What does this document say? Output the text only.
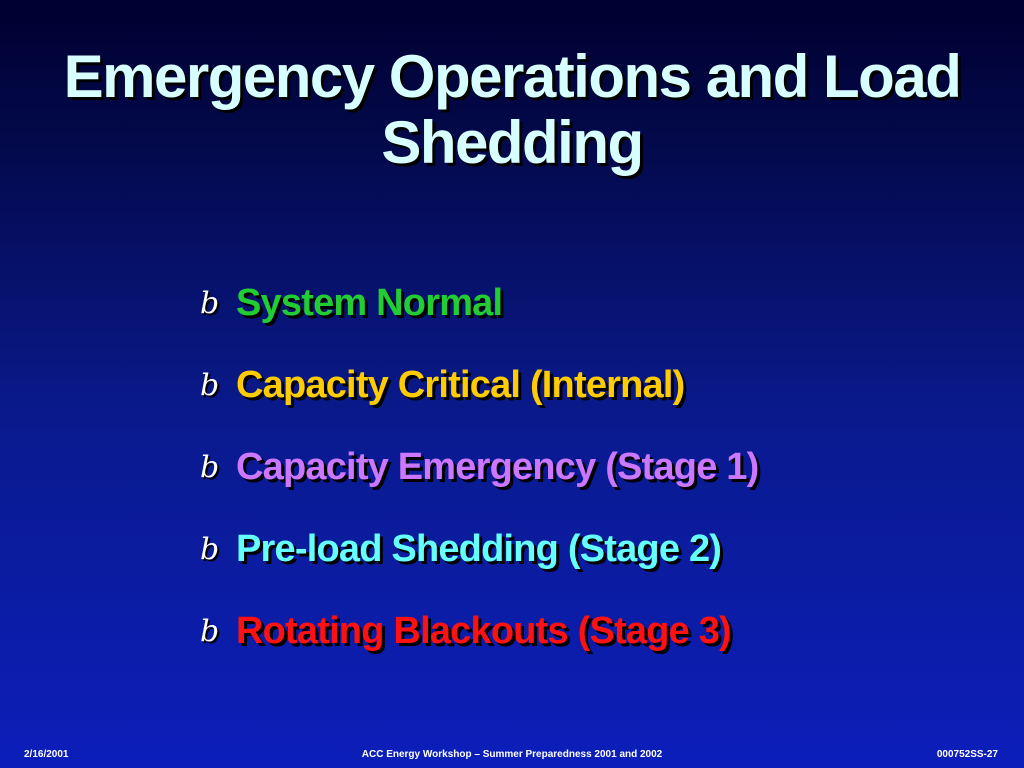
Emergency Operations and Load
Shedding
b System Normal
b Capacity Critical (Internal)
b Capacity Emergency (Stage 1)
b Pre-load Shedding (Stage 2)
b Rotating Blackouts (Stage 3)
2/16/2001	ACC Energy Workshop – Summer Preparedness 2001 and 2002	000752SS-27
